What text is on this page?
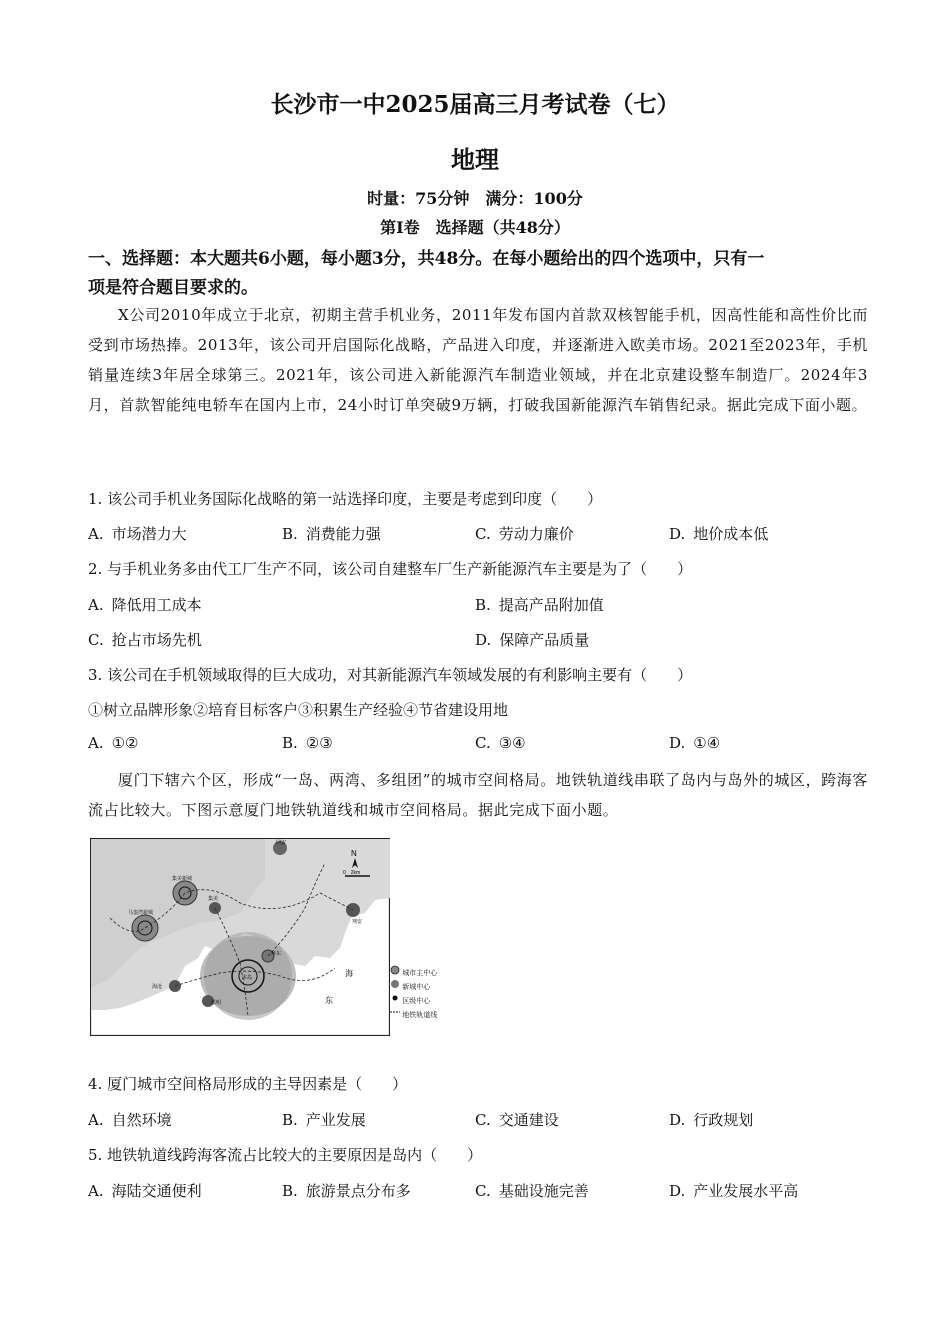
长沙市一中2025届高三月考试卷（七）
地理
时量：75分钟　满分：100分
第Ⅰ卷　选择题（共48分）
一、选择题：本大题共6小题，每小题3分，共48分。在每小题给出的四个选项中，只有一
项是符合题目要求的。

X公司2010年成立于北京，初期主营手机业务，2011年发布国内首款双核智能手机，因高性能和高性价比而受到市场热捧。2013年，该公司开启国际化战略，产品进入印度，并逐渐进入欧美市场。2021至2023年，手机销量连续3年居全球第三。2021年，该公司进入新能源汽车制造业领域，并在北京建设整车制造厂。2024年3月，首款智能纯电轿车在国内上市，24小时订单突破9万辆，打破我国新能源汽车销售纪录。据此完成下面小题。

1. 该公司手机业务国际化战略的第一站选择印度，主要是考虑到印度（　　）
A. 市场潜力大	B. 消费能力强	C. 劳动力廉价	D. 地价成本低
2. 与手机业务多由代工厂生产不同，该公司自建整车厂生产新能源汽车主要是为了（　　）
A. 降低用工成本	B. 提高产品附加值
C. 抢占市场先机	D. 保障产品质量
3. 该公司在手机领域取得的巨大成功，对其新能源汽车领域发展的有利影响主要有（　　）
①树立品牌形象②培育目标客户③积累生产经验④节省建设用地
A. ①②	B. ②③	C. ③④	D. ①④

厦门下辖六个区，形成“一岛、两湾、多组团”的城市空间格局。地铁轨道线串联了岛内与岛外的城区，跨海客流占比较大。下图示意厦门地铁轨道线和城市空间格局。据此完成下面小题。

N
0　2km
同安
集美新城
集美
马銮湾新城
翔安
环东
思明
海沧
本岛	海
东
城市主中心
新城中心
区级中心
地铁轨道线
4. 厦门城市空间格局形成的主导因素是（　　）
A. 自然环境	B. 产业发展	C. 交通建设	D. 行政规划
5. 地铁轨道线跨海客流占比较大的主要原因是岛内（　　）
A. 海陆交通便利	B. 旅游景点分布多	C. 基础设施完善	D. 产业发展水平高
